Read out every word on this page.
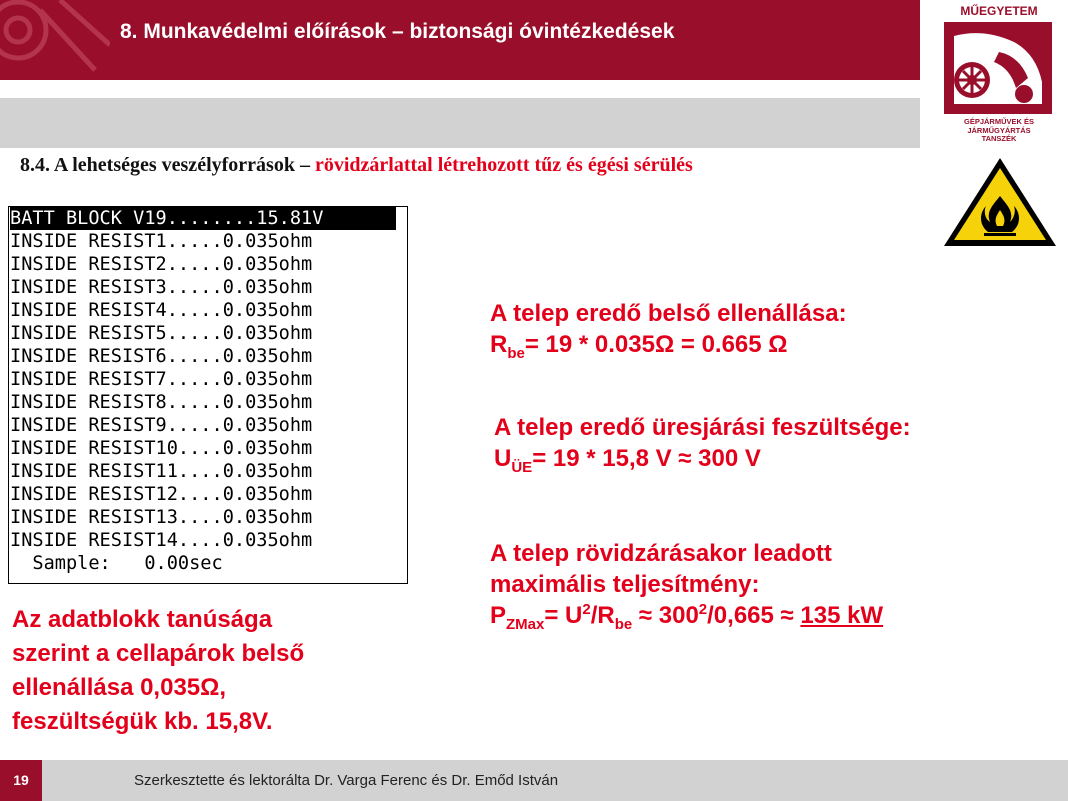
8. Munkavédelmi előírások – biztonsági óvintézkedések
MŰEGYETEM
GÉPJÁRMŰVEK ÉS
JÁRMŰGYÁRTÁS
TANSZÉK
8.4. A lehetséges veszélyforrások – rövidzárlattal létrehozott tűz és égési sérülés
BATT BLOCK V19........15.81V
INSIDE RESIST1.....0.035ohm
INSIDE RESIST2.....0.035ohm
INSIDE RESIST3.....0.035ohm
INSIDE RESIST4.....0.035ohm
INSIDE RESIST5.....0.035ohm
INSIDE RESIST6.....0.035ohm
INSIDE RESIST7.....0.035ohm
INSIDE RESIST8.....0.035ohm
INSIDE RESIST9.....0.035ohm
INSIDE RESIST10....0.035ohm
INSIDE RESIST11....0.035ohm
INSIDE RESIST12....0.035ohm
INSIDE RESIST13....0.035ohm
INSIDE RESIST14....0.035ohm
Sample:   0.00sec
A telep eredő belső ellenállása:
$R_{be}= 19 * 0.035\Omega = 0.665$ Ω
A telep eredő üresjárási feszültsége:
$U_{ÜE}= 19 * 15,8$ V ≈ 300 V
A telep rövidzárásakor leadott
maximális teljesítmény:
$P_{ZMax}= U^2/R_{be} \approx 300^2/0,665 \approx 135$ kW
Az adatblokk tanúsága
szerint a cellapárok belső
ellenállása 0,035Ω,
feszültségük kb. 15,8V.
19	Szerkesztette és lektorálta Dr. Varga Ferenc és Dr. Emőd István
